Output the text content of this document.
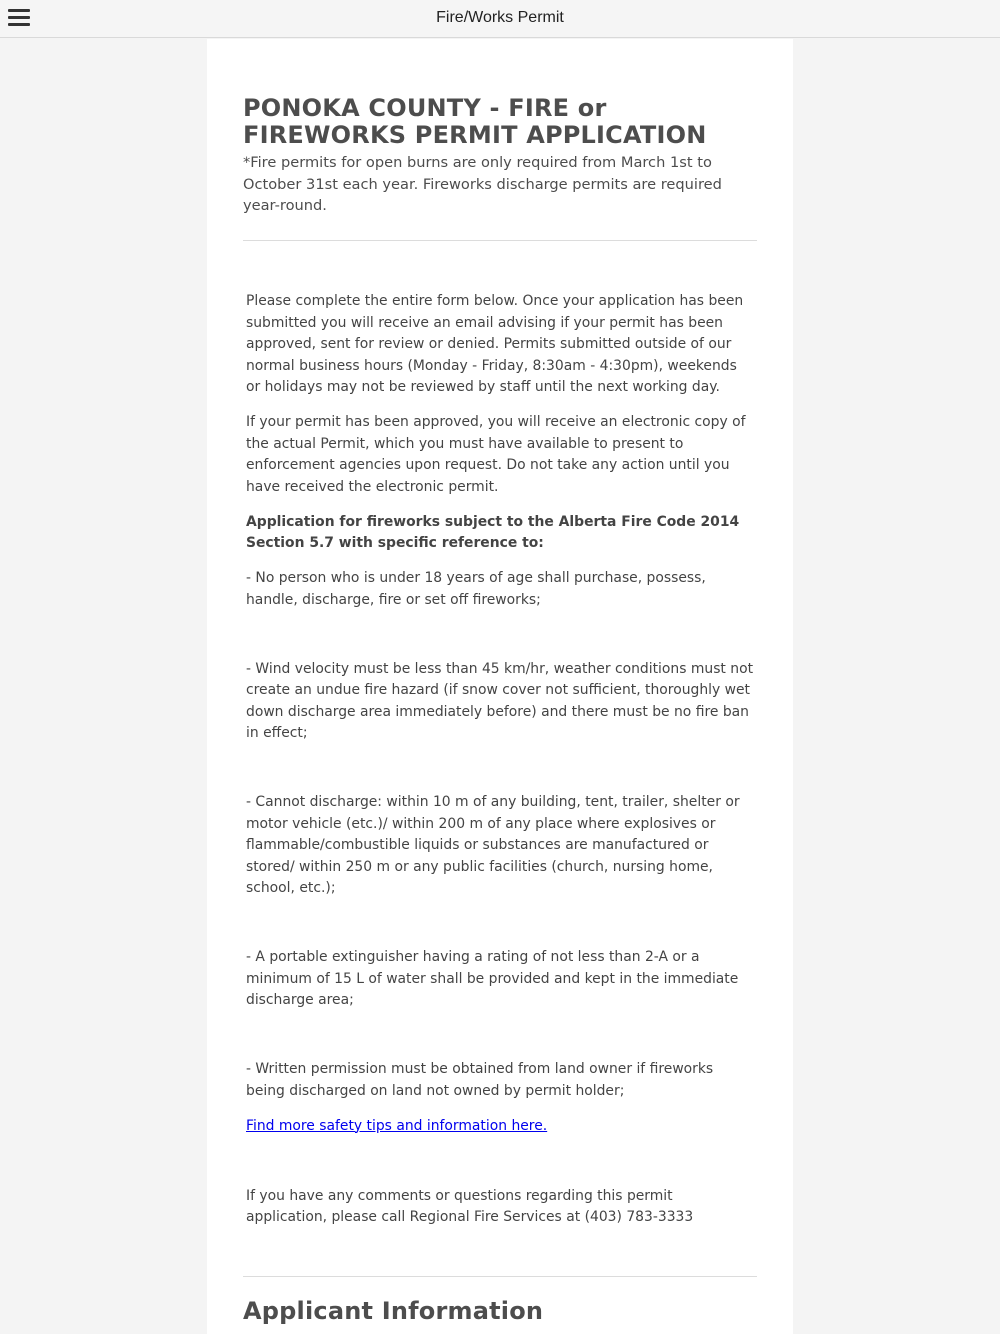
Fire/Works Permit
PONOKA COUNTY - FIRE or FIREWORKS PERMIT APPLICATION

*Fire permits for open burns are only required from March 1st to October 31st each year. Fireworks discharge permits are required year-round.

Please complete the entire form below. Once your application has been submitted you will receive an email advising if your permit has been approved, sent for review or denied. Permits submitted outside of our normal business hours (Monday - Friday, 8:30am - 4:30pm), weekends or holidays may not be reviewed by staff until the next working day.

If your permit has been approved, you will receive an electronic copy of the actual Permit, which you must have available to present to enforcement agencies upon request. Do not take any action until you have received the electronic permit.

Application for fireworks subject to the Alberta Fire Code 2014 Section 5.7 with specific reference to:

- No person who is under 18 years of age shall purchase, possess, handle, discharge, fire or set off fireworks;

- Wind velocity must be less than 45 km/hr, weather conditions must not create an undue fire hazard (if snow cover not sufficient, thoroughly wet down discharge area immediately before) and there must be no fire ban in effect;

- Cannot discharge: within 10 m of any building, tent, trailer, shelter or motor vehicle (etc.)/ within 200 m of any place where explosives or flammable/combustible liquids or substances are manufactured or stored/ within 250 m or any public facilities (church, nursing home, school, etc.);

- A portable extinguisher having a rating of not less than 2-A or a minimum of 15 L of water shall be provided and kept in the immediate discharge area;

- Written permission must be obtained from land owner if fireworks being discharged on land not owned by permit holder;

Find more safety tips and information here.

If you have any comments or questions regarding this permit application, please call Regional Fire Services at (403) 783-3333

Applicant Information
